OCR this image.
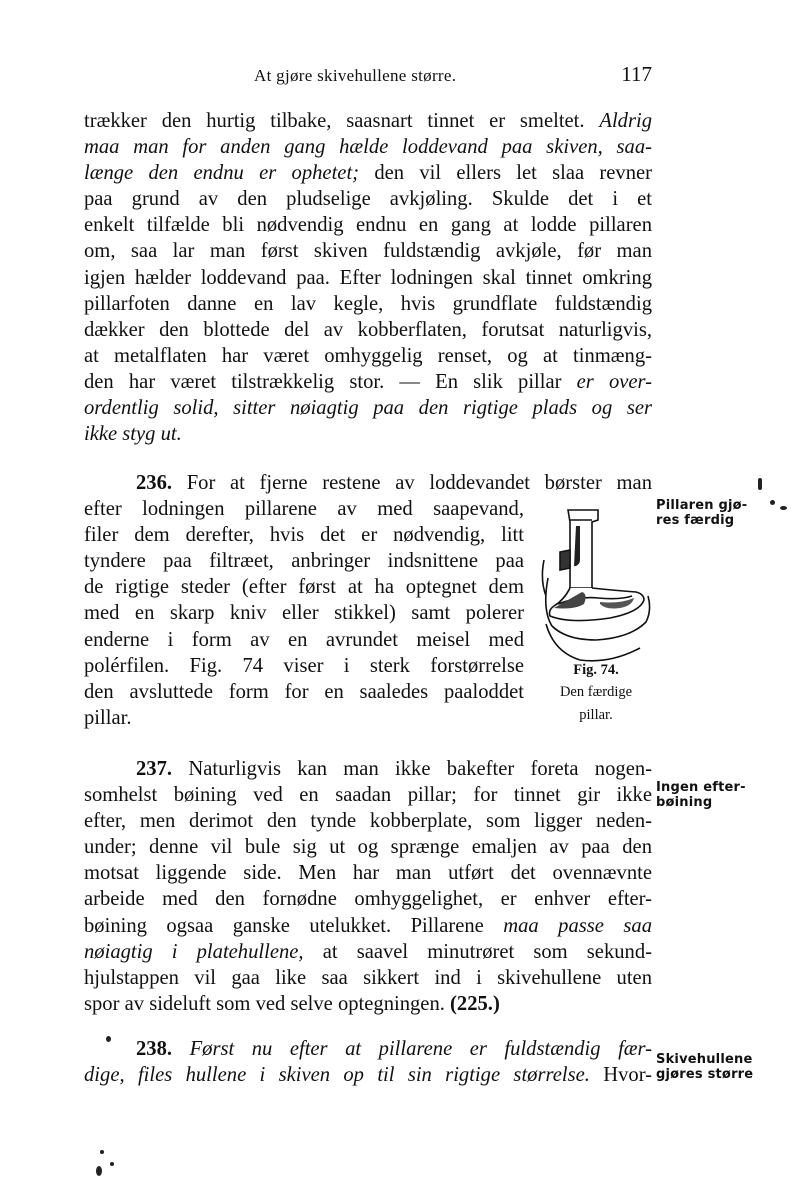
At gjøre skivehullene større.	117
trækker den hurtig tilbake, saasnart tinnet er smeltet. Aldrig
maa man for anden gang hælde loddevand paa skiven, saa-
længe den endnu er ophetet; den vil ellers let slaa revner
paa grund av den pludselige avkjøling. Skulde det i et
enkelt tilfælde bli nødvendig endnu en gang at lodde pillaren
om, saa lar man først skiven fuldstændig avkjøle, før man
igjen hælder loddevand paa. Efter lodningen skal tinnet omkring
pillarfoten danne en lav kegle, hvis grundflate fuldstændig
dækker den blottede del av kobberflaten, forutsat naturligvis,
at metalflaten har været omhyggelig renset, og at tinmæng-
den har været tilstrækkelig stor. — En slik pillar er over-
ordentlig solid, sitter nøiagtig paa den rigtige plads og ser
ikke styg ut.
236. For at fjerne restene av loddevandet børster man
efter lodningen pillarene av med saapevand,
filer dem derefter, hvis det er nødvendig, litt
tyndere paa filtræet, anbringer indsnittene paa
de rigtige steder (efter først at ha optegnet dem
med en skarp kniv eller stikkel) samt polerer
enderne i form av en avrundet meisel med
polérfilen. Fig. 74 viser i sterk forstørrelse
den avsluttede form for en saaledes paaloddet
pillar.
Pillaren gjø-
res færdig
Fig. 74.
Den færdige
pillar.
237. Naturligvis kan man ikke bakefter foreta nogen-
somhelst bøining ved en saadan pillar; for tinnet gir ikke
efter, men derimot den tynde kobberplate, som ligger neden-
under; denne vil bule sig ut og sprænge emaljen av paa den
motsat liggende side. Men har man utført det ovennævnte
arbeide med den fornødne omhyggelighet, er enhver efter-
bøining ogsaa ganske utelukket. Pillarene maa passe saa
nøiagtig i platehullene, at saavel minutrøret som sekund-
hjulstappen vil gaa like saa sikkert ind i skivehullene uten
spor av sideluft som ved selve optegningen. (225.)
Ingen efter-
bøining
238. Først nu efter at pillarene er fuldstændig fær-
dige, files hullene i skiven op til sin rigtige størrelse. Hvor-
Skivehullene
gjøres større
